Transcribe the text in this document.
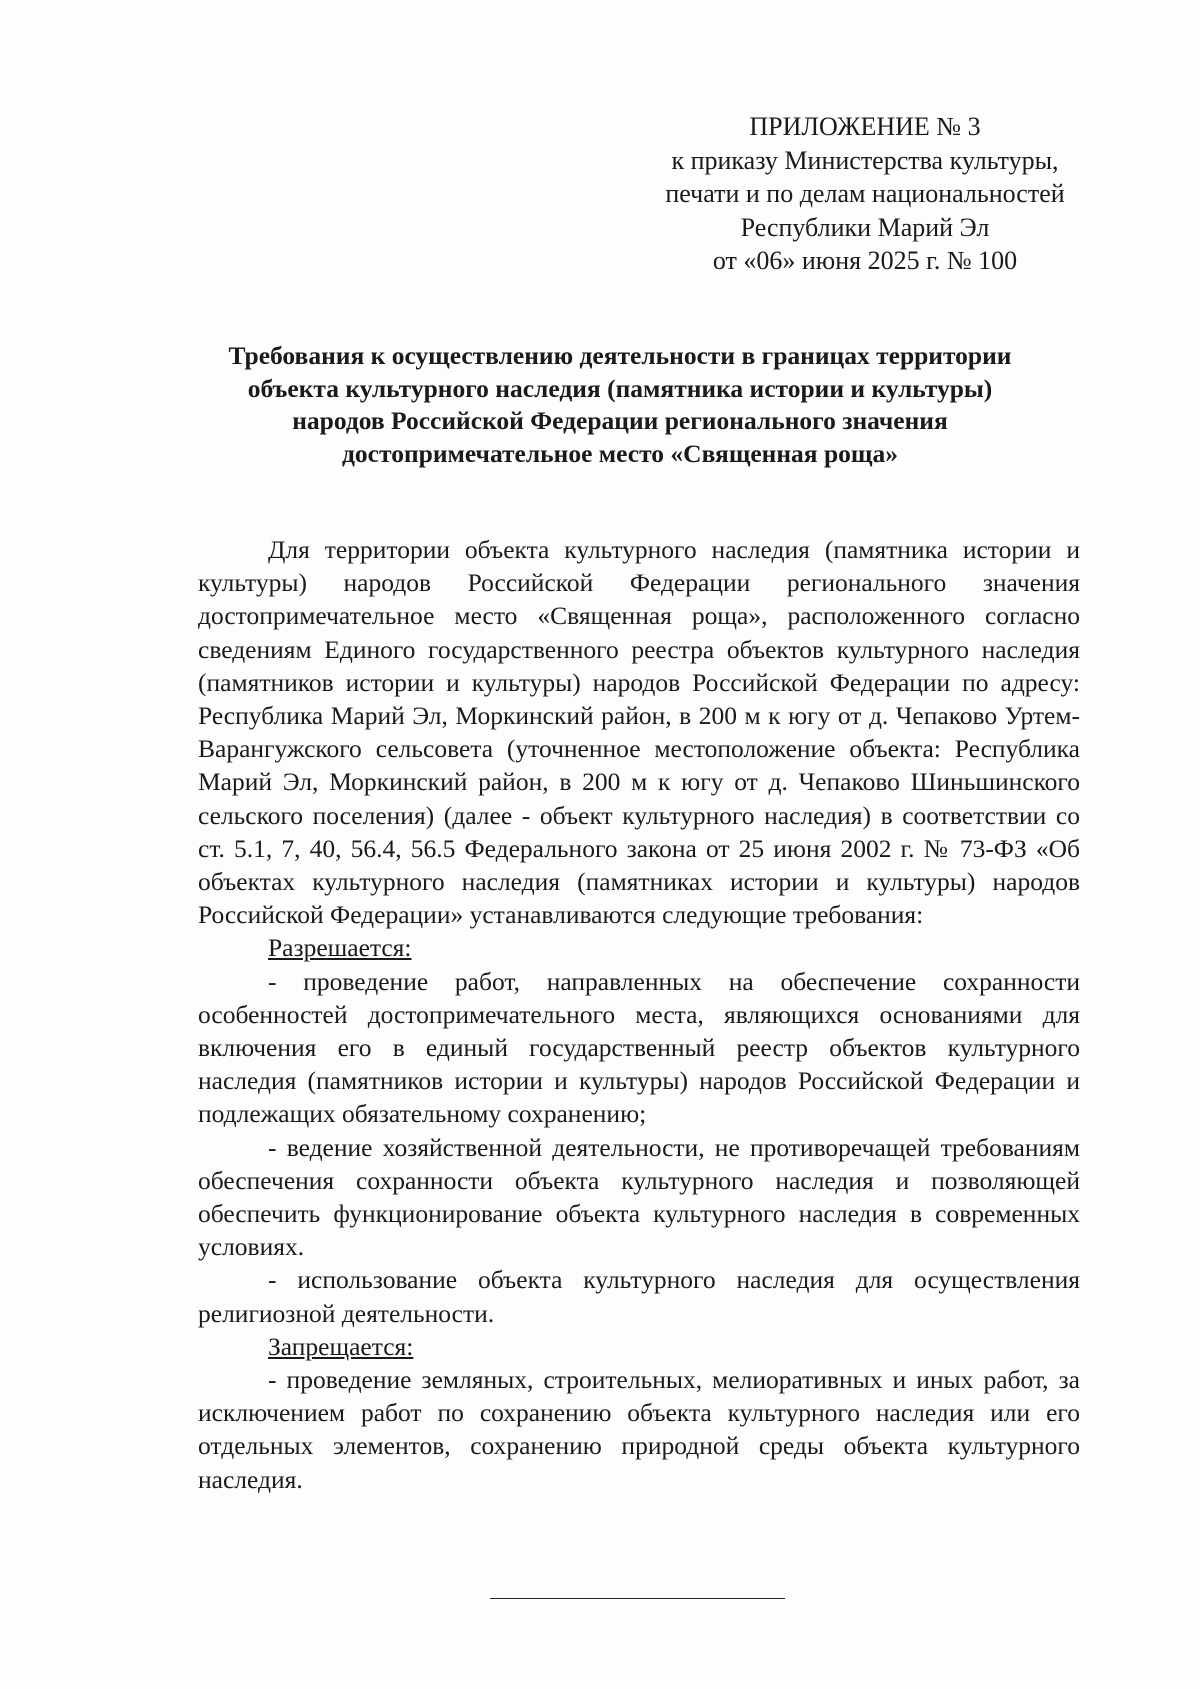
ПРИЛОЖЕНИЕ № 3
к приказу Министерства культуры,
печати и по делам национальностей
Республики Марий Эл
от «06» июня 2025 г. № 100
Требования к осуществлению деятельности в границах территории
объекта культурного наследия (памятника истории и культуры)
народов Российской Федерации регионального значения
достопримечательное место «Священная роща»

Для территории объекта культурного наследия (памятника истории и культуры) народов Российской Федерации регионального значения достопримечательное место «Священная роща», расположенного согласно сведениям Единого государственного реестра объектов культурного наследия (памятников истории и культуры) народов Российской Федерации по адресу: Республика Марий Эл, Моркинский район, в 200 м к югу от д. Чепаково Уртем-Варангужского сельсовета (уточненное местоположение объекта: Республика Марий Эл, Моркинский район, в 200 м к югу от д. Чепаково Шиньшинского сельского поселения) (далее - объект культурного наследия) в соответствии со ст. 5.1, 7, 40, 56.4, 56.5 Федерального закона от 25 июня 2002 г. № 73-ФЗ «Об объектах культурного наследия (памятниках истории и культуры) народов Российской Федерации» устанавливаются следующие требования:

Разрешается:

- проведение работ, направленных на обеспечение сохранности особенностей достопримечательного места, являющихся основаниями для включения его в единый государственный реестр объектов культурного наследия (памятников истории и культуры) народов Российской Федерации и подлежащих обязательному сохранению;

- ведение хозяйственной деятельности, не противоречащей требованиям обеспечения сохранности объекта культурного наследия и позволяющей обеспечить функционирование объекта культурного наследия в современных условиях.

- использование объекта культурного наследия для осуществления религиозной деятельности.

Запрещается:

- проведение земляных, строительных, мелиоративных и иных работ, за исключением работ по сохранению объекта культурного наследия или его отдельных элементов, сохранению природной среды объекта культурного наследия.
